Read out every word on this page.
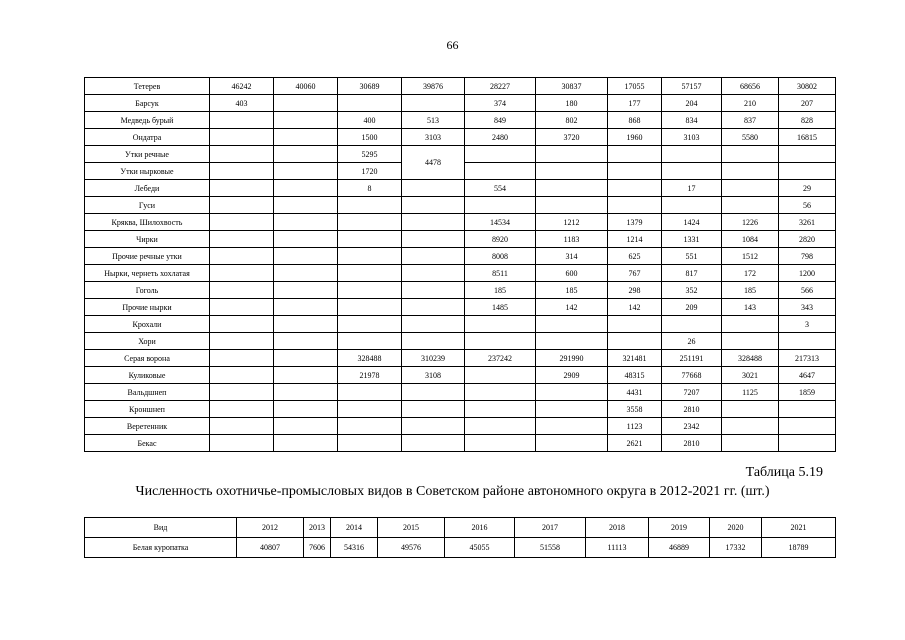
66
Тетерев	46242	40060	30689	39876	28227	30837	17055	57157	68656	30802
Барсук	403				374	180	177	204	210	207
Медведь бурый			400	513	849	802	868	834	837	828
Ондатра			1500	3103	2480	3720	1960	3103	5580	16815
Утки речные			5295	4478						
Утки нырковые			1720							
Лебеди			8		554			17		29
Гуси										56
Кряква, Шилохвость					14534	1212	1379	1424	1226	3261
Чирки					8920	1183	1214	1331	1084	2820
Прочие речные утки					8008	314	625	551	1512	798
Нырки, чернеть хохлатая					8511	600	767	817	172	1200
Гоголь					185	185	298	352	185	566
Прочие нырки					1485	142	142	209	143	343
Крохали										3
Хори								26		
Серая ворона			328488	310239	237242	291990	321481	251191	328488	217313
Куликовые			21978	3108		2909	48315	77668	3021	4647
Вальдшнеп							4431	7207	1125	1859
Кроншнеп							3558	2810		
Веретенник							1123	2342		
Бекас							2621	2810		
Таблица 5.19
Численность охотничье-промысловых видов в Советском районе автономного округа в 2012-2021 гг. (шт.)
Вид	2012	2013	2014	2015	2016	2017	2018	2019	2020	2021
Белая куропатка	40807	7606	54316	49576	45055	51558	11113	46889	17332	18789
